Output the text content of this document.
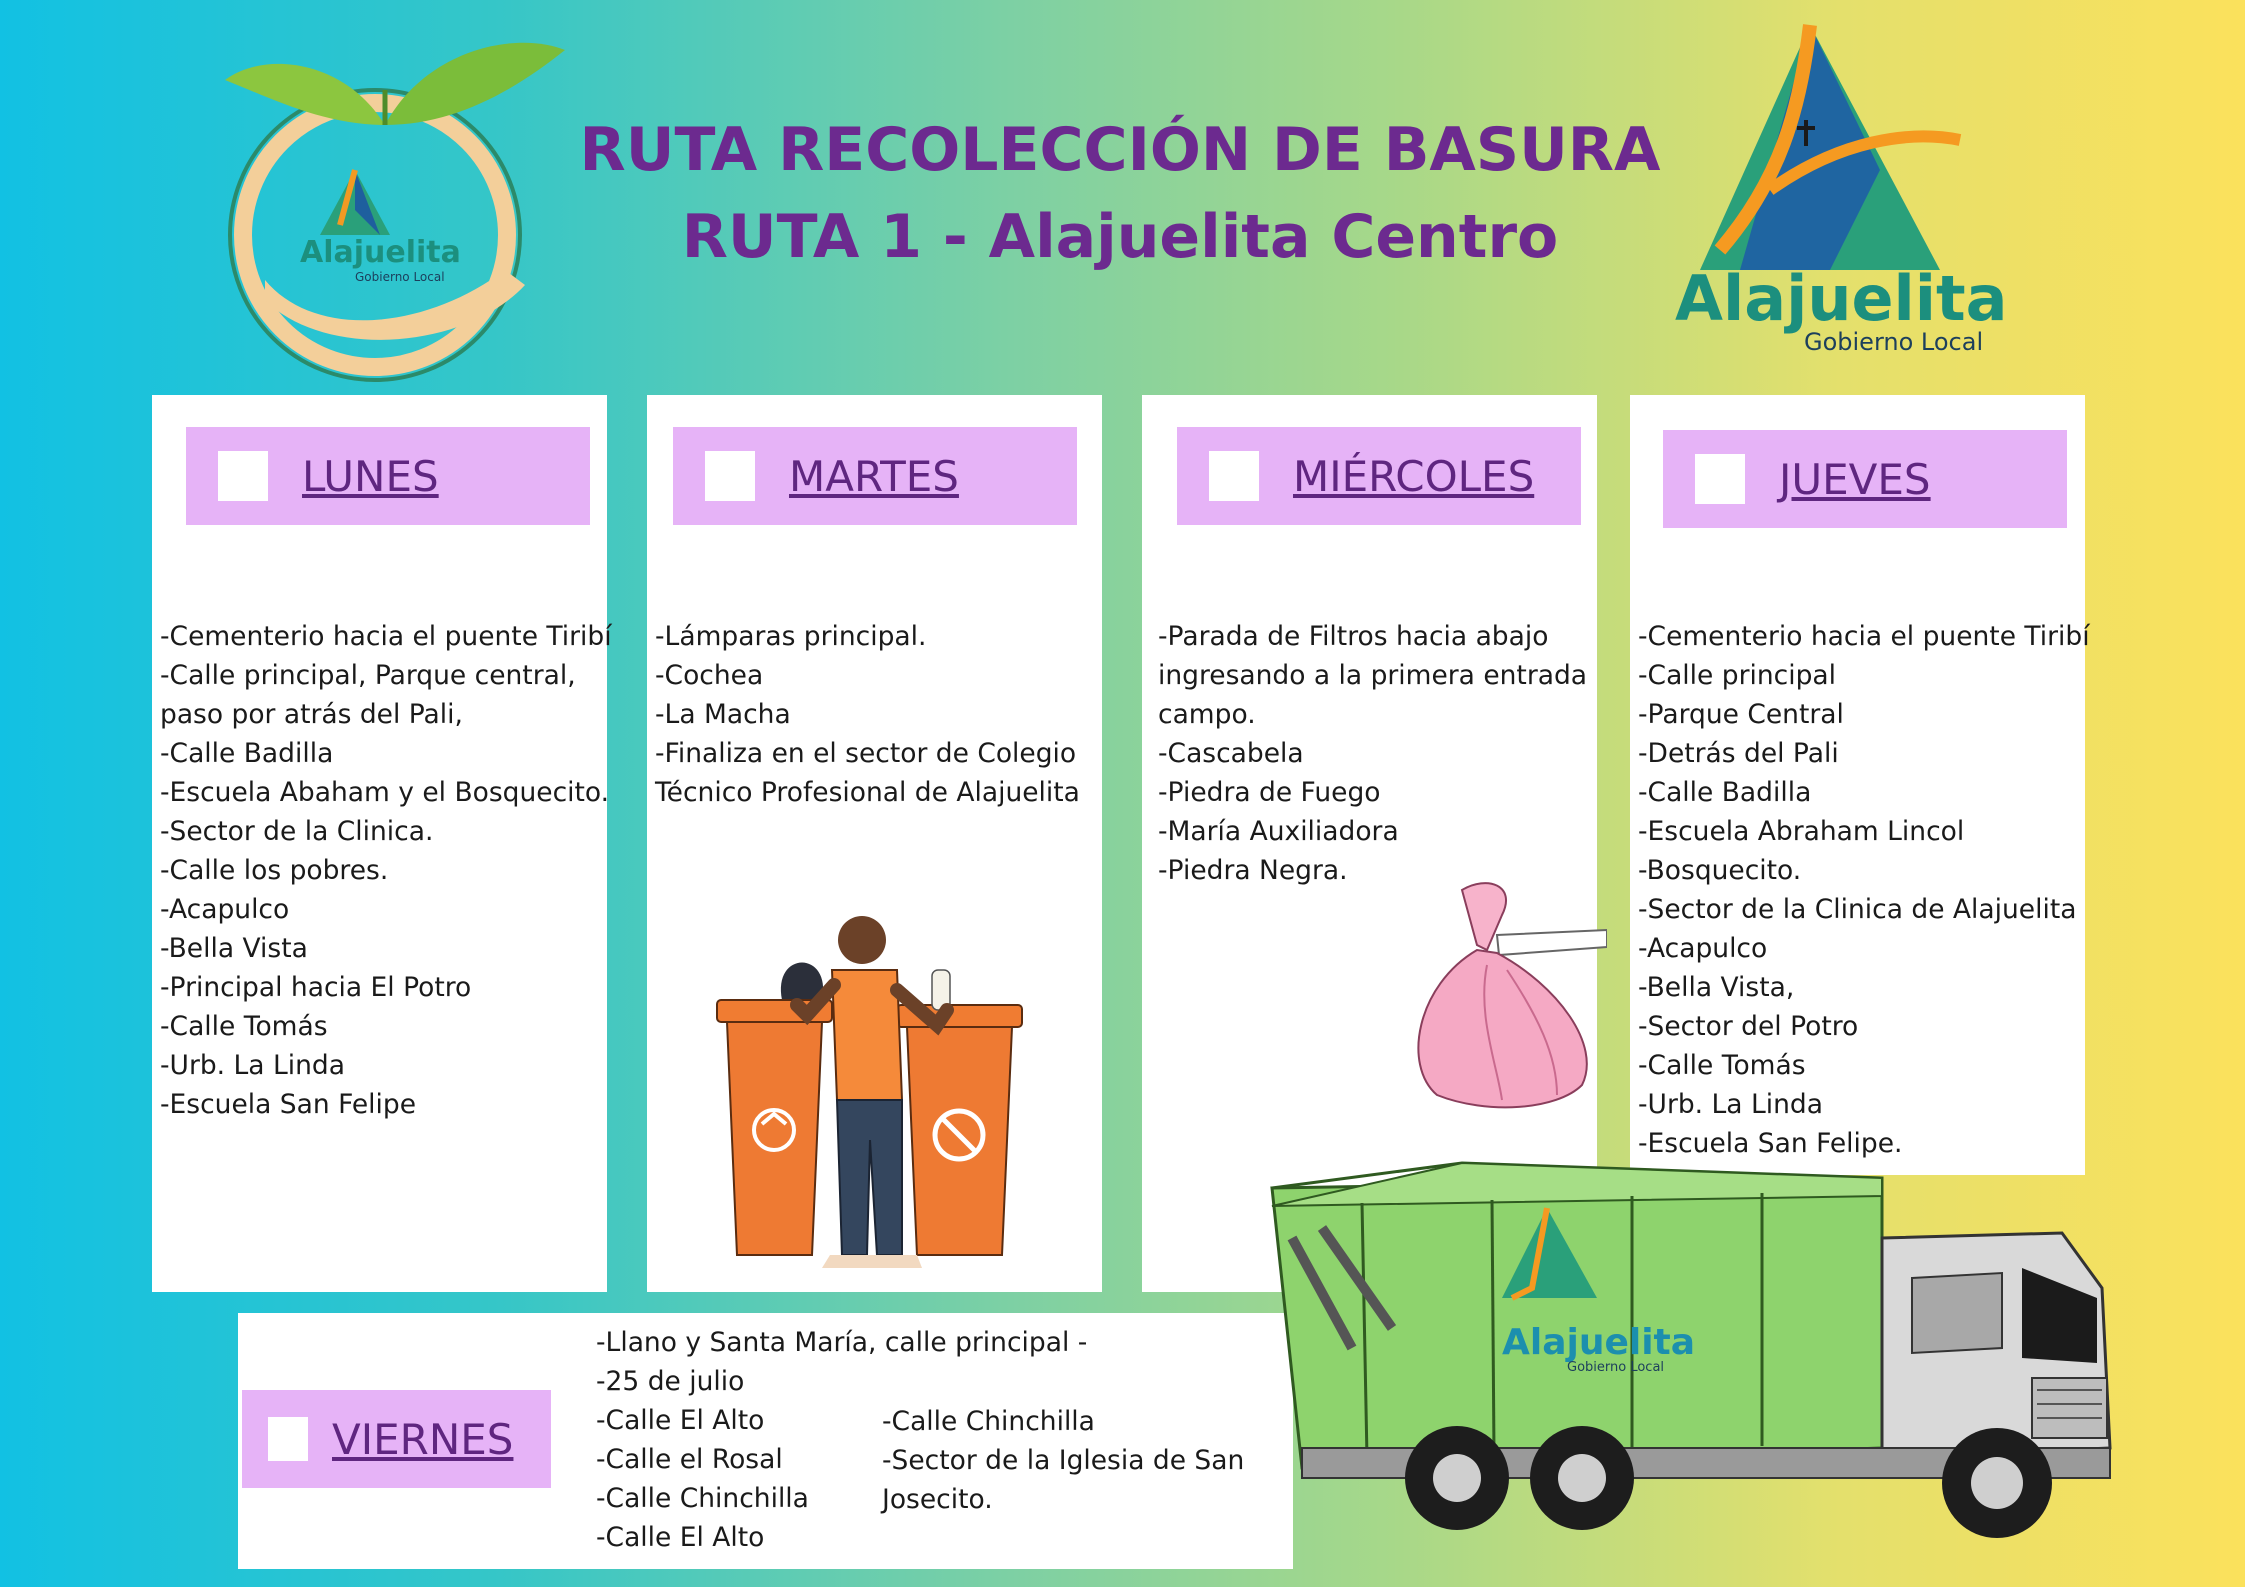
RUTA RECOLECCIÓN DE BASURA
RUTA 1 - Alajuelita Centro
Alajuelita
Gobierno Local	Alajuelita
Gobierno Local
LUNES
-Cementerio hacia el puente Tiribí
-Calle principal, Parque central,
paso por atrás del Pali,
-Calle Badilla
-Escuela Abaham y el Bosquecito.
-Sector de la Clinica.
-Calle los pobres.
-Acapulco
-Bella Vista
-Principal hacia El Potro
-Calle Tomás
-Urb. La Linda
-Escuela San Felipe
MARTES
-Lámparas principal.
-Cochea
-La Macha
-Finaliza en el sector de Colegio
Técnico Profesional de Alajuelita
MIÉRCOLES
-Parada de Filtros hacia abajo
ingresando a la primera entrada
campo.
-Cascabela
-Piedra de Fuego
-María Auxiliadora
-Piedra Negra.
JUEVES
-Cementerio hacia el puente Tiribí
-Calle principal
-Parque Central
-Detrás del Pali
-Calle Badilla
-Escuela Abraham Lincol
-Bosquecito.
-Sector de la Clinica de Alajuelita
-Acapulco
-Bella Vista,
-Sector del Potro
-Calle Tomás
-Urb. La Linda
-Escuela San Felipe.
VIERNES
-Llano y Santa María, calle principal -
-25 de julio
-Calle El Alto
-Calle el Rosal
-Calle Chinchilla
-Calle El Alto
-Calle Chinchilla
-Sector de la Iglesia de San
Josecito.
Alajuelita
Gobierno Local
